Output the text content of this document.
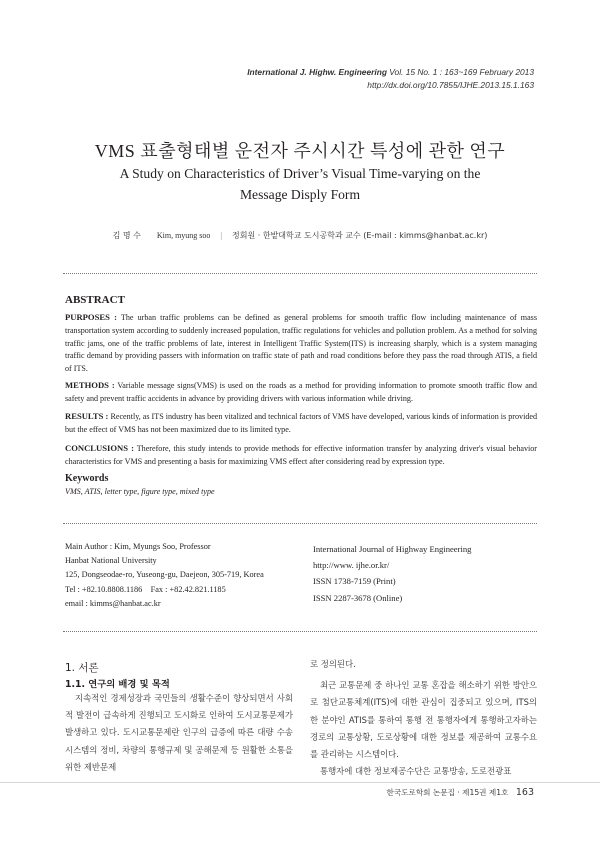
International J. Highw. Engineering Vol. 15 No. 1 : 163~169 February 2013
http://dx.doi.org/10.7855/IJHE.2013.15.1.163
VMS 표출형태별 운전자 주시시간 특성에 관한 연구
A Study on Characteristics of Driver’s Visual Time-varying on the
Message Disply Form
김 명 수 Kim, myung soo | 정회원 · 한밭대학교 도시공학과 교수 (E-mail : kimms@hanbat.ac.kr)
ABSTRACT
PURPOSES : The urban traffic problems can be defined as general problems for smooth traffic flow including maintenance of mass transportation system according to suddenly increased population, traffic regulations for vehicles and pollution problem. As a method for solving traffic jams, one of the traffic problems of late, interest in Intelligent Traffic System(ITS) is increasing sharply, which is a system managing traffic demand by providing passers with information on traffic state of path and road conditions before they pass the road through ATIS, a field of ITS.
METHODS : Variable message signs(VMS) is used on the roads as a method for providing information to promote smooth traffic flow and safety and prevent traffic accidents in advance by providing drivers with various information while driving.
RESULTS : Recently, as ITS industry has been vitalized and technical factors of VMS have developed, various kinds of information is provided but the effect of VMS has not been maximized due to its limited type.
CONCLUSIONS : Therefore, this study intends to provide methods for effective information transfer by analyzing driver's visual behavior characteristics for VMS and presenting a basis for maximizing VMS effect after considering read by expression type.
Keywords
VMS, ATIS, letter type, figure type, mixed type
Main Author : Kim, Myungs Soo, Professor
Hanbat National University
125, Dongseodae-ro, Yuseong-gu, Daejeon, 305-719, Korea
Tel : +82.10.8808.1186    Fax : +82.42.821.1185
email : kimms@hanbat.ac.kr
International Journal of Highway Engineering
http://www. ijhe.or.kr/
ISSN 1738-7159 (Print)
ISSN 2287-3678 (Online)
1. 서론
1.1. 연구의 배경 및 목적
지속적인 경제성장과 국민들의 생활수준이 향상되면서 사회적 발전이 급속하게 진행되고 도시화로 인하여 도시교통문제가 발생하고 있다. 도시교통문제란 인구의 급증에 따른 대량 수송 시스템의 정비, 차량의 통행규제 및 공해문제 등 원활한 소통을 위한 제반문제
로 정의된다.
최근 교통문제 중 하나인 교통 혼잡을 해소하기 위한 방안으로 첨단교통체계(ITS)에 대한 관심이 집중되고 있으며, ITS의 한 분야인 ATIS를 통하여 통행 전 통행자에게 통행하고자하는 경로의 교통상황, 도로상황에 대한 정보를 제공하여 교통수요를 관리하는 시스템이다.
통행자에 대한 정보제공수단은 교통방송, 도로전광표
한국도로학회 논문집 · 제15권 제1호 163
